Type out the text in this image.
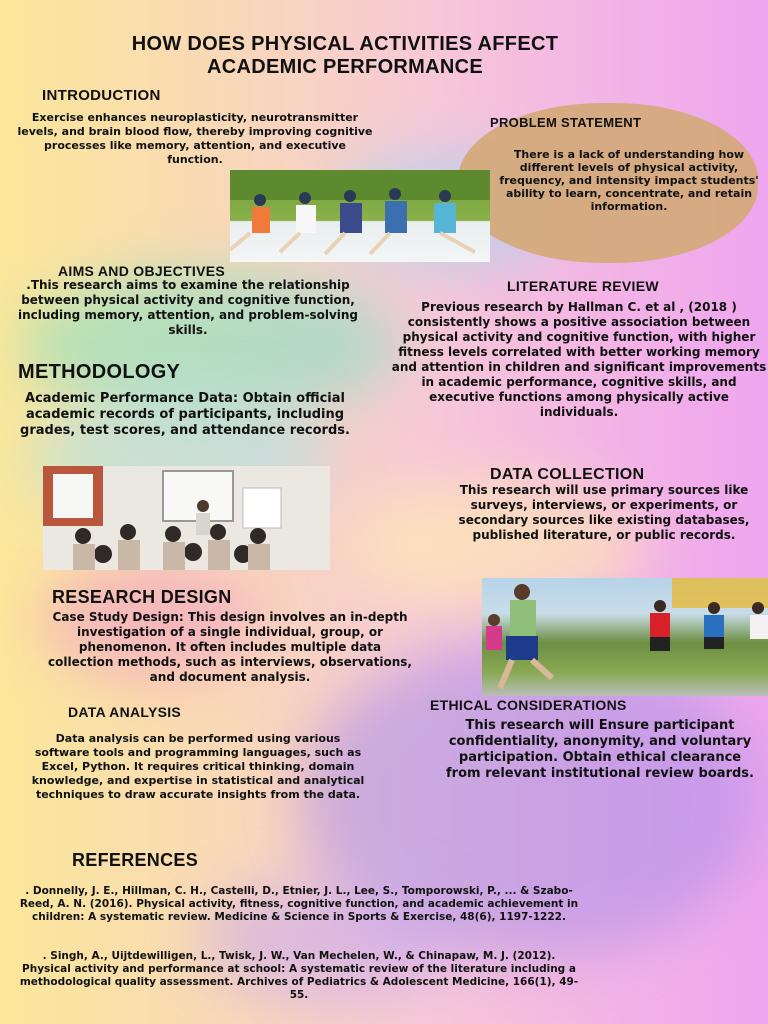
HOW DOES PHYSICAL ACTIVITIES AFFECT
ACADEMIC PERFORMANCE
INTRODUCTION
Exercise enhances neuroplasticity, neurotransmitter levels, and brain blood flow, thereby improving cognitive processes like memory, attention, and executive function.
PROBLEM STATEMENT
There is a lack of understanding how different levels of physical activity, frequency, and intensity impact students' ability to learn, concentrate, and retain information.
AIMS AND OBJECTIVES
.This research aims to examine the relationship between physical activity and cognitive function, including memory, attention, and problem-solving skills.
LITERATURE REVIEW
Previous research by Hallman C. et al , (2018 ) consistently shows a positive association between physical activity and cognitive function, with higher fitness levels correlated with better working memory and attention in children and significant improvements in academic performance, cognitive skills, and executive functions among physically active individuals.
METHODOLOGY
Academic Performance Data: Obtain official academic records of participants, including grades, test scores, and attendance records.
DATA COLLECTION
This research will use primary sources like surveys, interviews, or experiments, or secondary sources like existing databases, published literature, or public records.
RESEARCH DESIGN
Case Study Design: This design involves an in-depth investigation of a single individual, group, or phenomenon. It often includes multiple data collection methods, such as interviews, observations, and document analysis.
ETHICAL CONSIDERATIONS
This research will Ensure participant confidentiality, anonymity, and voluntary participation. Obtain ethical clearance from relevant institutional review boards.
DATA ANALYSIS
Data analysis can be performed using various software tools and programming languages, such as Excel, Python. It requires critical thinking, domain knowledge, and expertise in statistical and analytical techniques to draw accurate insights from the data.
REFERENCES
. Donnelly, J. E., Hillman, C. H., Castelli, D., Etnier, J. L., Lee, S., Tomporowski, P., ... & Szabo-Reed, A. N. (2016). Physical activity, fitness, cognitive function, and academic achievement in children: A systematic review. Medicine & Science in Sports & Exercise, 48(6), 1197-1222.
. Singh, A., Uijtdewilligen, L., Twisk, J. W., Van Mechelen, W., & Chinapaw, M. J. (2012). Physical activity and performance at school: A systematic review of the literature including a methodological quality assessment. Archives of Pediatrics & Adolescent Medicine, 166(1), 49-55.
